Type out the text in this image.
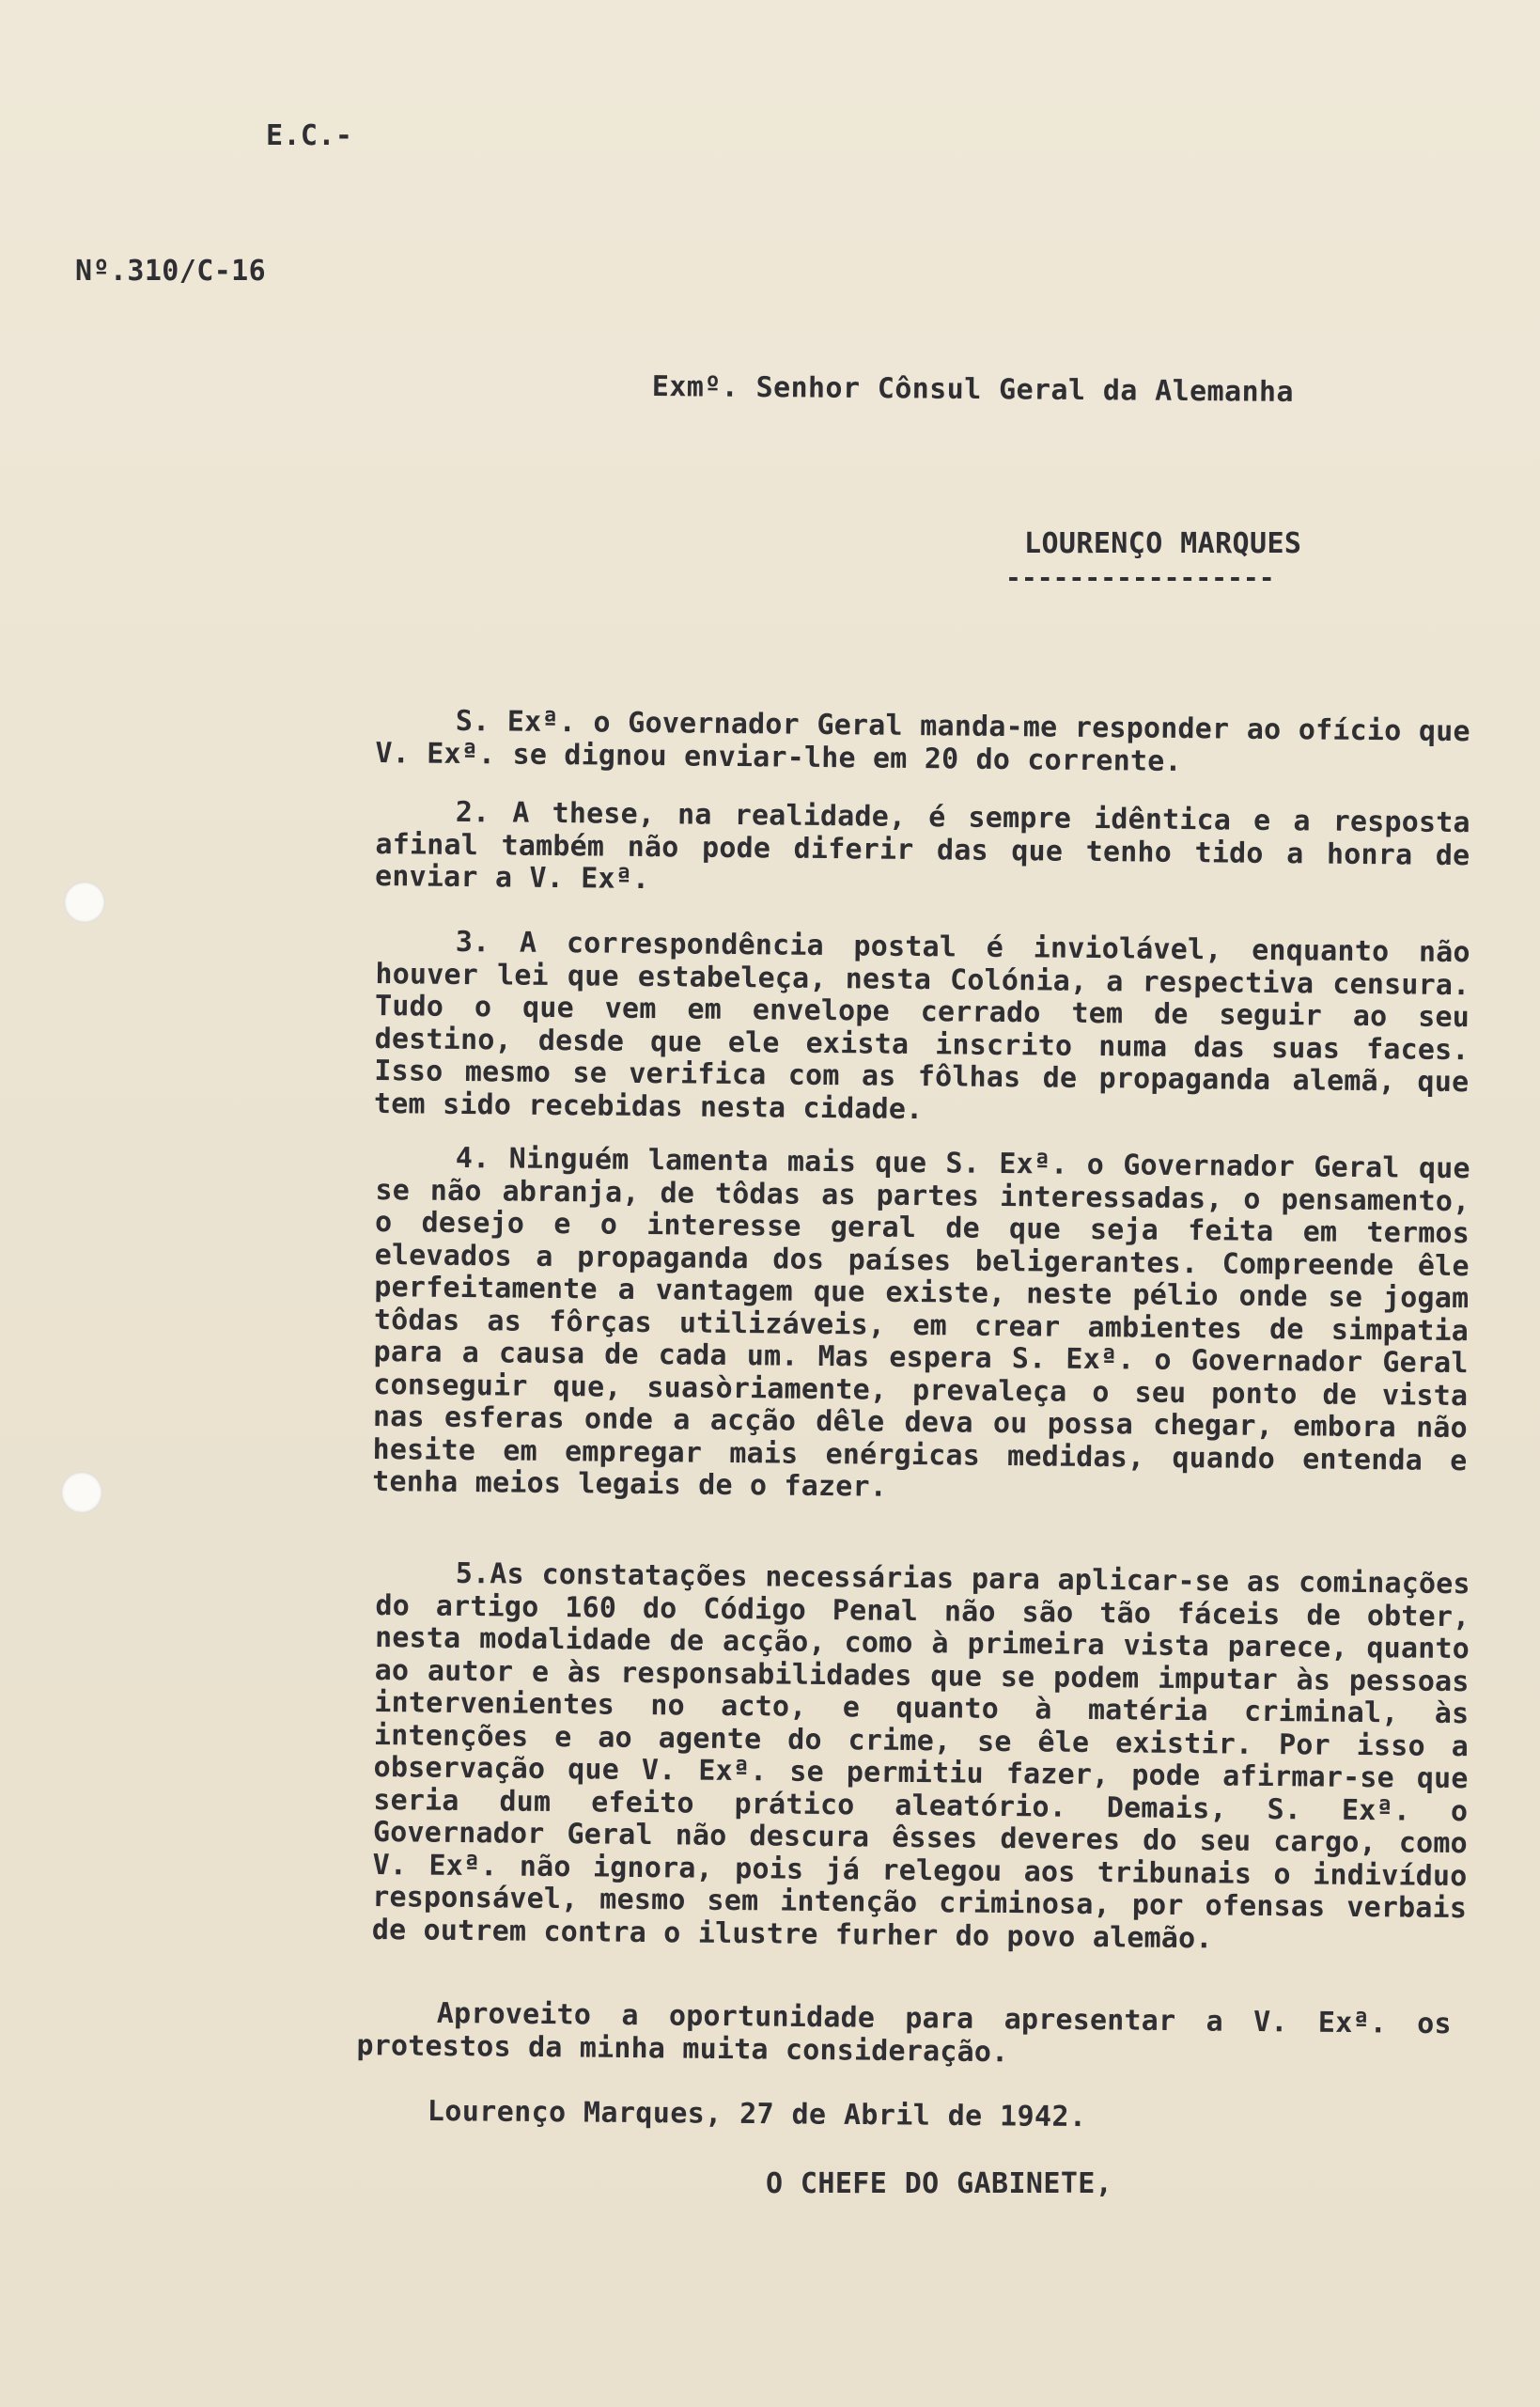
E.C.-
Nº.310/C-16
Exmº. Senhor Cônsul Geral da Alemanha
LOURENÇO MARQUES
-----------------
S. Exª. o Governador Geral manda-me responder ao ofício que V. Exª. se dignou enviar-lhe em 20 do corrente.
2. A these, na realidade, é sempre idêntica e a resposta afinal também não pode diferir das que tenho tido a honra de enviar a V. Exª.
3. A correspondência postal é inviolável, enquanto não houver lei que estabeleça, nesta Colónia, a respectiva censura. Tudo o que vem em envelope cerrado tem de seguir ao seu destino, desde que ele exista inscrito numa das suas faces. Isso mesmo se verifica com as fôlhas de propaganda alemã, que tem sido recebidas nesta cidade.
4. Ninguém lamenta mais que S. Exª. o Governador Geral que se não abranja, de tôdas as partes interessadas, o pensamento, o desejo e o interesse geral de que seja feita em termos elevados a propaganda dos países beligerantes. Compreende êle perfeitamente a vantagem que existe, neste pélio onde se jogam tôdas as fôrças utilizáveis, em crear ambientes de simpatia para a causa de cada um. Mas espera S. Exª. o Governador Geral conseguir que, suasòriamente, prevaleça o seu ponto de vista nas esferas onde a acção dêle deva ou possa chegar, embora não hesite em empregar mais enérgicas medidas, quando entenda e tenha meios legais de o fazer.
5.As constatações necessárias para aplicar-se as cominações do artigo 160 do Código Penal não são tão fáceis de obter, nesta modalidade de acção, como à primeira vista parece, quanto ao autor e às responsabilidades que se podem imputar às pessoas intervenientes no acto, e quanto à matéria criminal, às intenções e ao agente do crime, se êle existir. Por isso a observação que V. Exª. se permitiu fazer, pode afirmar-se que seria dum efeito prático aleatório. Demais, S. Exª. o Governador Geral não descura êsses deveres do seu cargo, como V. Exª. não ignora, pois já relegou aos tribunais o indivíduo responsável, mesmo sem intenção criminosa, por ofensas verbais de outrem contra o ilustre furher do povo alemão.
Aproveito a oportunidade para apresentar a V. Exª. os protestos da minha muita consideração.
Lourenço Marques, 27 de Abril de 1942.
O CHEFE DO GABINETE,
